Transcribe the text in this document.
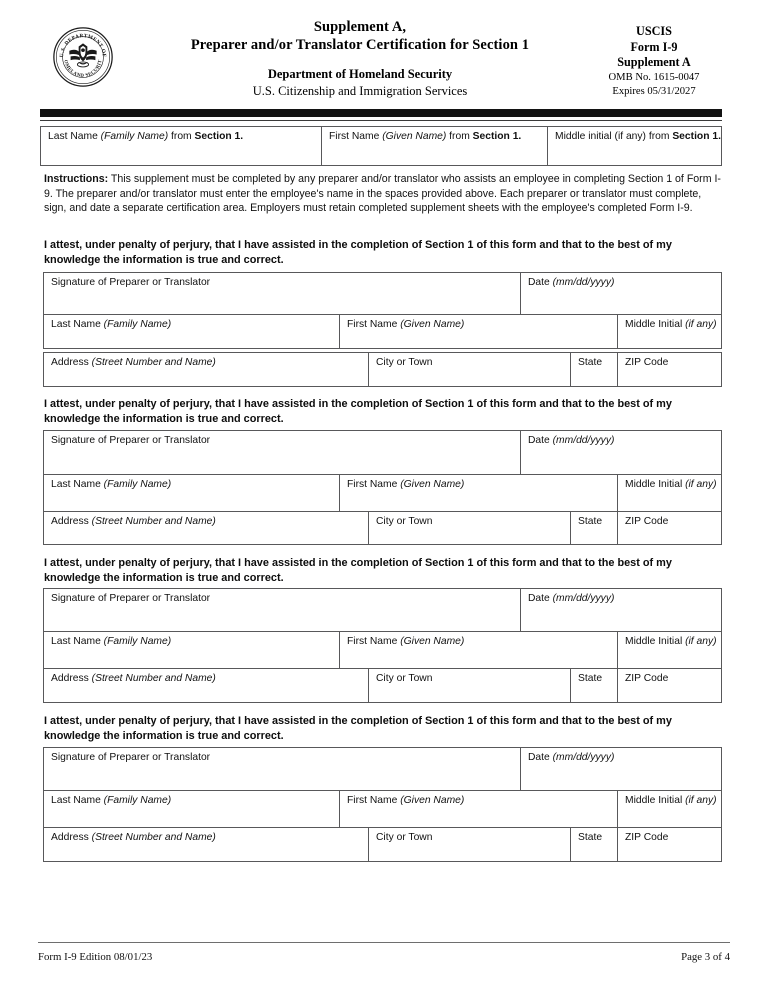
U.S. DEPARTMENT OF
OMELAND SECURIT
Supplement A,
Preparer and/or Translator Certification for Section 1
Department of Homeland Security
U.S. Citizenship and Immigration Services
USCIS
Form I-9
Supplement A
OMB No. 1615-0047
Expires 05/31/2027
Last Name (Family Name) from Section 1.	First Name (Given Name) from Section 1.	Middle initial (if any) from Section 1.
Instructions: This supplement must be completed by any preparer and/or translator who assists an employee in completing Section 1 of Form I-9. The preparer and/or translator must enter the employee's name in the spaces provided above. Each preparer or translator must complete, sign, and date a separate certification area. Employers must retain completed supplement sheets with the employee's completed Form I-9.
I attest, under penalty of perjury, that I have assisted in the completion of Section 1 of this form and that to the best of my knowledge the information is true and correct.
Signature of Preparer or Translator	Date (mm/dd/yyyy)
Last Name (Family Name)	First Name (Given Name)	Middle Initial (if any)
Address (Street Number and Name)	City or Town	State ZIP Code
I attest, under penalty of perjury, that I have assisted in the completion of Section 1 of this form and that to the best of my knowledge the information is true and correct.
Signature of Preparer or Translator	Date (mm/dd/yyyy)
Last Name (Family Name)	First Name (Given Name)	Middle Initial (if any)
Address (Street Number and Name)	City or Town	State ZIP Code
I attest, under penalty of perjury, that I have assisted in the completion of Section 1 of this form and that to the best of my knowledge the information is true and correct.
Signature of Preparer or Translator	Date (mm/dd/yyyy)
Last Name (Family Name)	First Name (Given Name)	Middle Initial (if any)
Address (Street Number and Name)	City or Town	State ZIP Code
I attest, under penalty of perjury, that I have assisted in the completion of Section 1 of this form and that to the best of my knowledge the information is true and correct.
Signature of Preparer or Translator	Date (mm/dd/yyyy)
Last Name (Family Name)	First Name (Given Name)	Middle Initial (if any)
Address (Street Number and Name)	City or Town	State ZIP Code
Form I-9 Edition 08/01/23	Page 3 of 4
